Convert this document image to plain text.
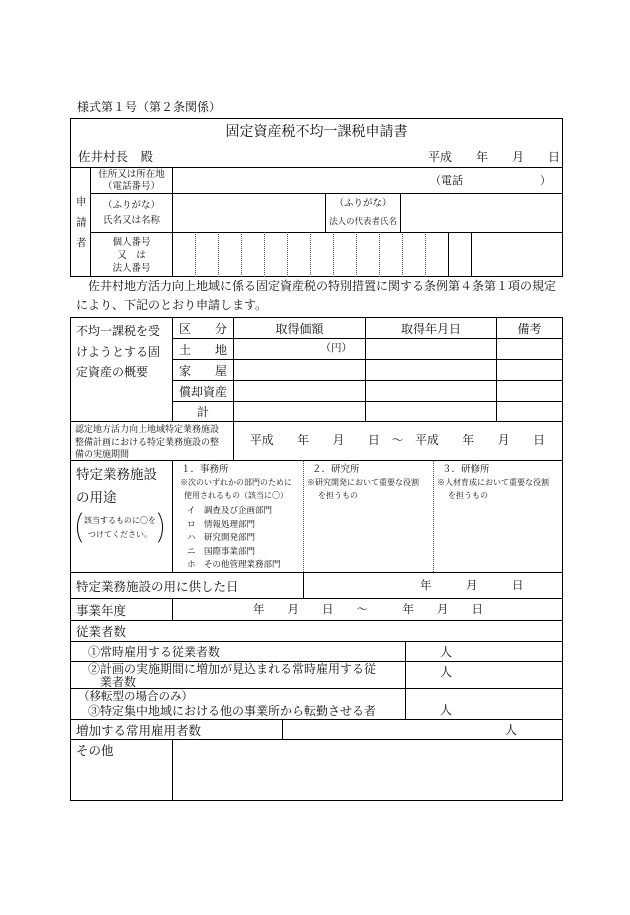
様式第１号（第２条関係）
固定資産税不均一課税申請書
佐井村長　殿	平成　　年　　月　　日
申請者
住所又は所在地
（電話番号）	（電話　　　　　　　）
（ふりがな）
氏名又は名称
（ふりがな）
法人の代表者氏名
個人番号
又　は
法人番号
佐井村地方活力向上地域に係る固定資産税の特別措置に関する条例第４条第１項の規定
により、下記のとおり申請します。
不均一課税を受
けようとする固
定資産の概要
区　　分	取得価額	取得年月日	備考
土　　地	（円）
家　　屋
償却資産
計
認定地方活力向上地域特定業務施設
整備計画における特定業務施設の整
備の実施期間
平成　　年　　月　　日　～　平成　　年　　月　　日
特定業務施設
の用途
該当するものに〇を
つけてください。
１．事務所
※次のいずれかの部門のために
使用されるもの（該当に〇）
イ　調査及び企画部門
ロ　情報処理部門
ハ　研究開発部門
ニ　国際事業部門
ホ　その他管理業務部門
２．研究所
※研究開発において重要な役割
を担うもの
３．研修所
※人材育成において重要な役割
を担うもの
特定業務施設の用に供した日	年　　　月　　　日
事業年度	年　　月　　日　　～　　　年　　月　　日
従業者数
①常時雇用する従業者数	人
②計画の実施期間に増加が見込まれる常時雇用する従
業者数
人
（移転型の場合のみ）
③特定集中地域における他の事業所から転勤させる者	人
増加する常用雇用者数	人
その他
